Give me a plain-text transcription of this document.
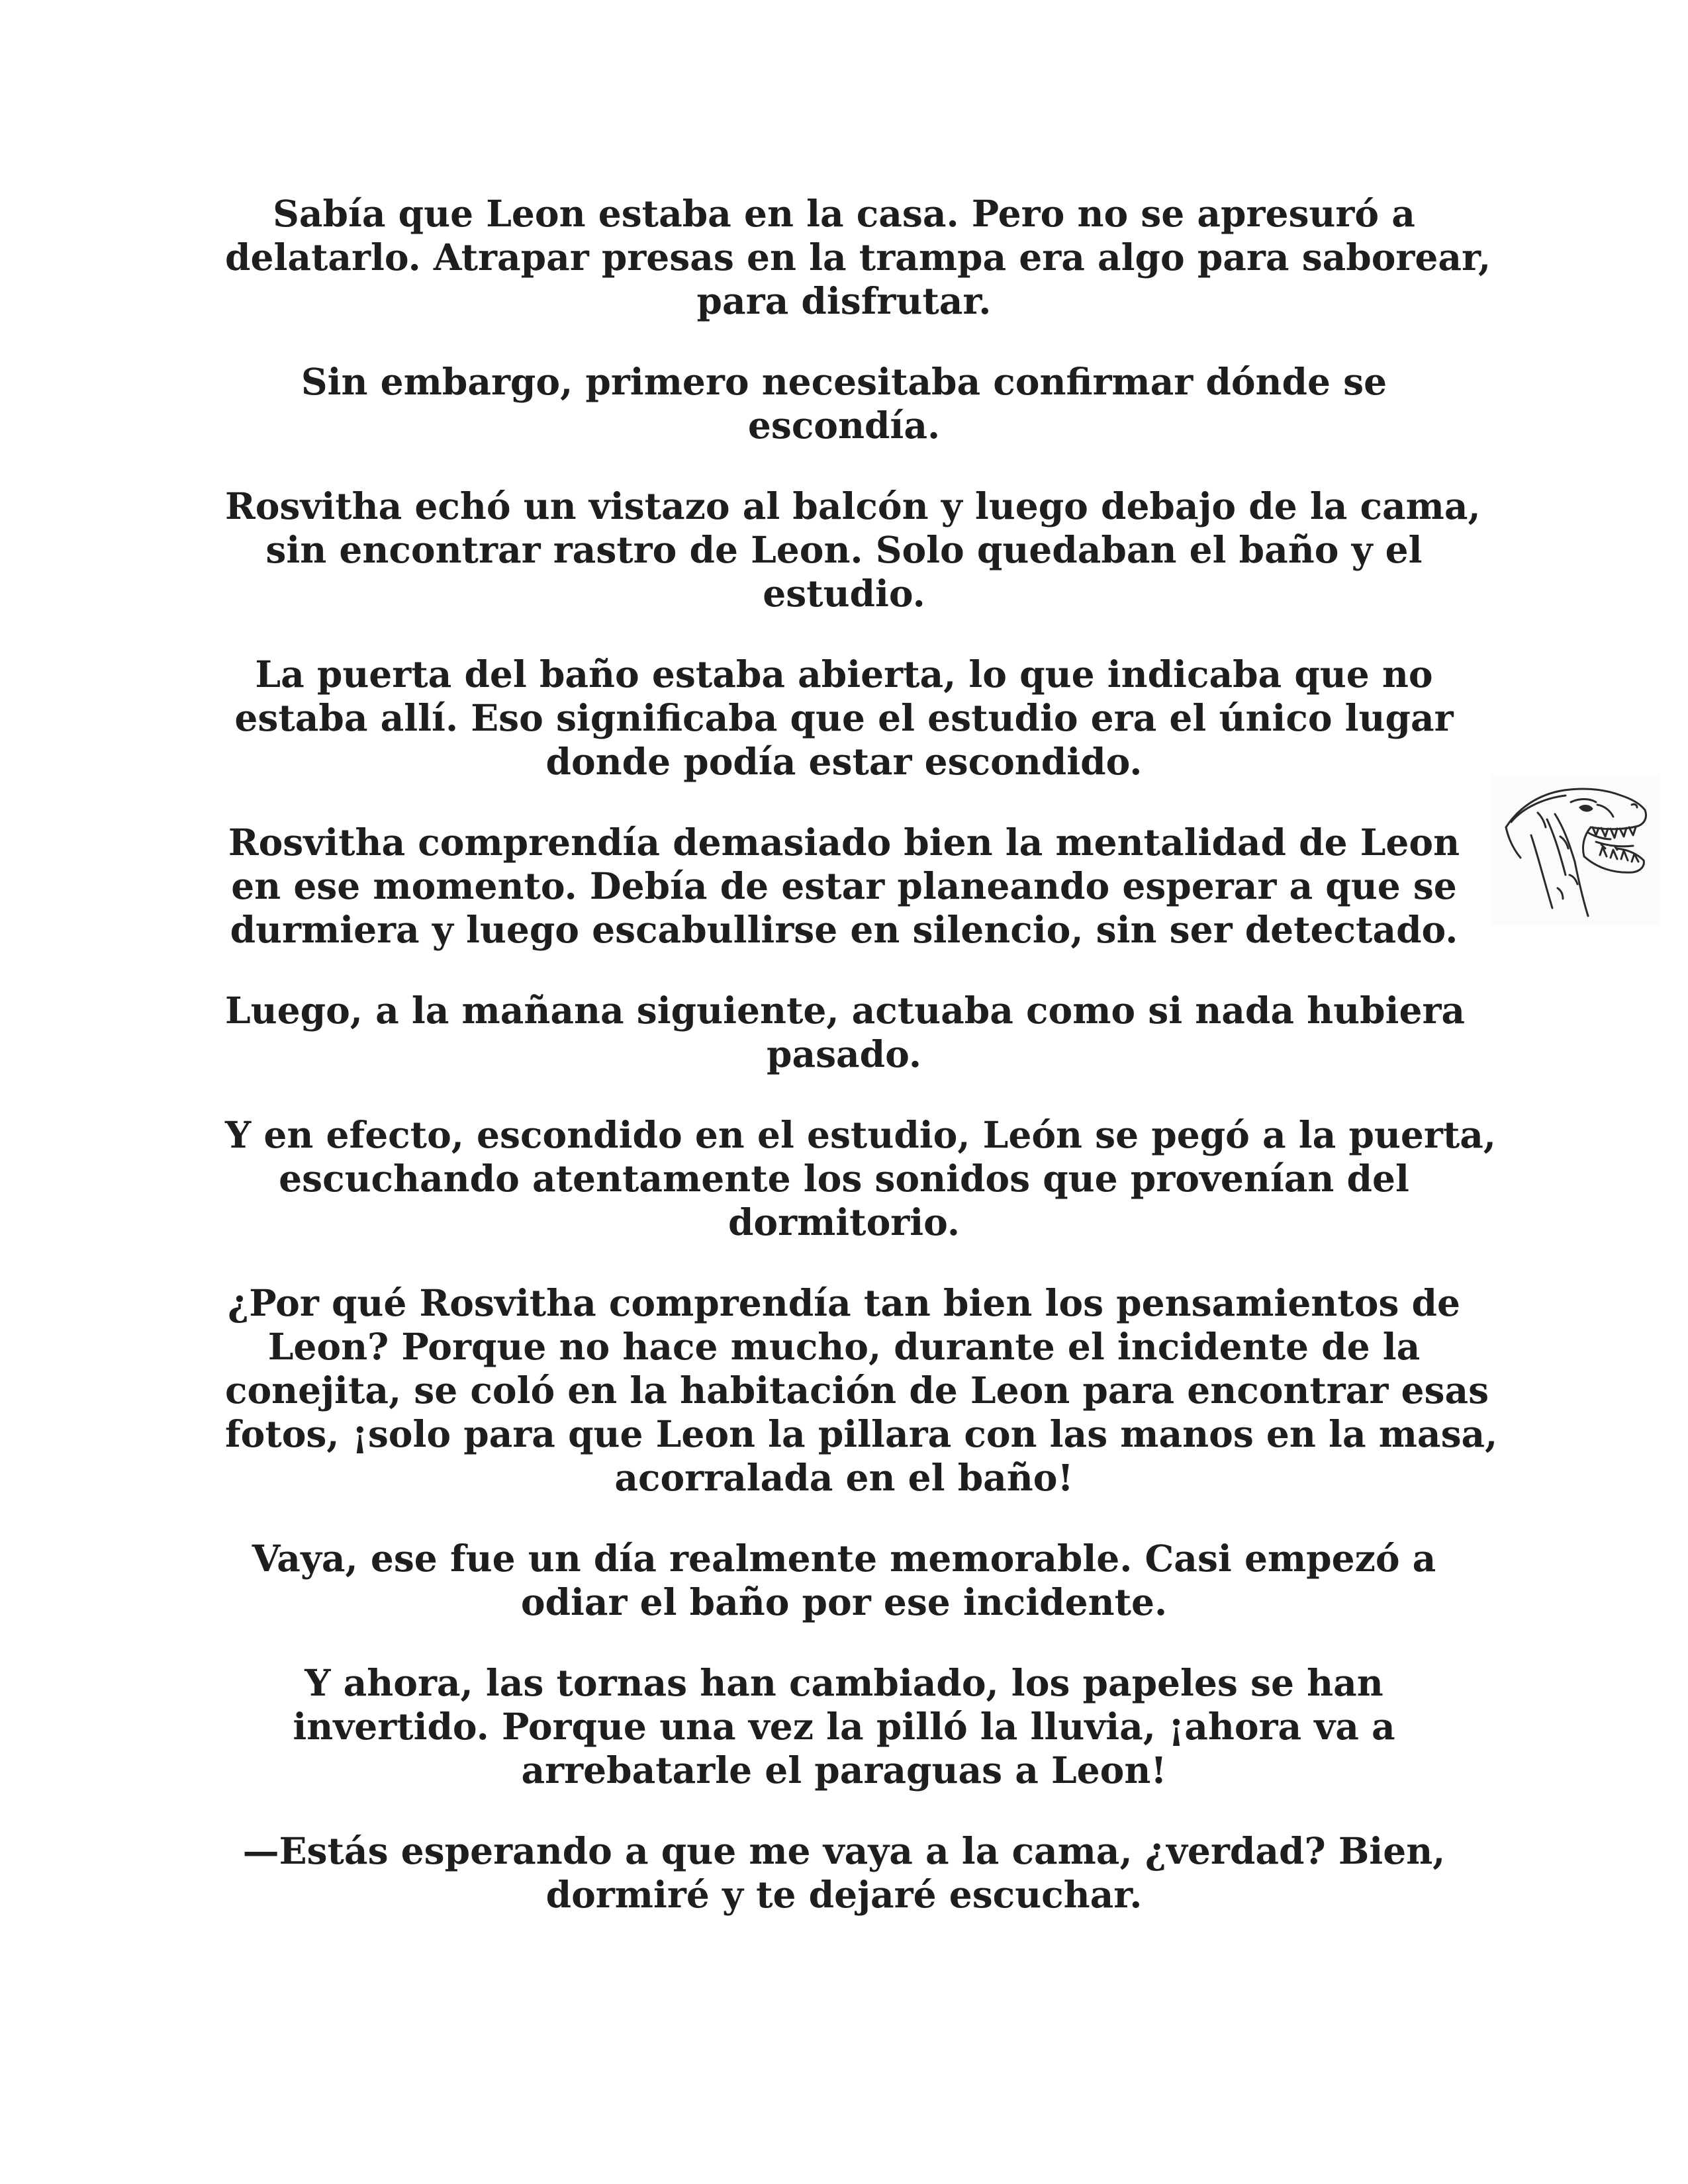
Sabía que Leon estaba en la casa. Pero no se apresuró a
delatarlo. Atrapar presas en la trampa era algo para saborear,
para disfrutar.

Sin embargo, primero necesitaba confirmar dónde se
escondía.

Rosvitha echó un vistazo al balcón y luego debajo de la cama,
sin encontrar rastro de Leon. Solo quedaban el baño y el
estudio.

La puerta del baño estaba abierta, lo que indicaba que no
estaba allí. Eso significaba que el estudio era el único lugar
donde podía estar escondido.

Rosvitha comprendía demasiado bien la mentalidad de Leon
en ese momento. Debía de estar planeando esperar a que se
durmiera y luego escabullirse en silencio, sin ser detectado.

Luego, a la mañana siguiente, actuaba como si nada hubiera
pasado.

Y en efecto, escondido en el estudio, León se pegó a la puerta,
escuchando atentamente los sonidos que provenían del
dormitorio.

¿Por qué Rosvitha comprendía tan bien los pensamientos de
Leon? Porque no hace mucho, durante el incidente de la
conejita, se coló en la habitación de Leon para encontrar esas
fotos, ¡solo para que Leon la pillara con las manos en la masa,
acorralada en el baño!

Vaya, ese fue un día realmente memorable. Casi empezó a
odiar el baño por ese incidente.

Y ahora, las tornas han cambiado, los papeles se han
invertido. Porque una vez la pilló la lluvia, ¡ahora va a
arrebatarle el paraguas a Leon!

—Estás esperando a que me vaya a la cama, ¿verdad? Bien,
dormiré y te dejaré escuchar.
